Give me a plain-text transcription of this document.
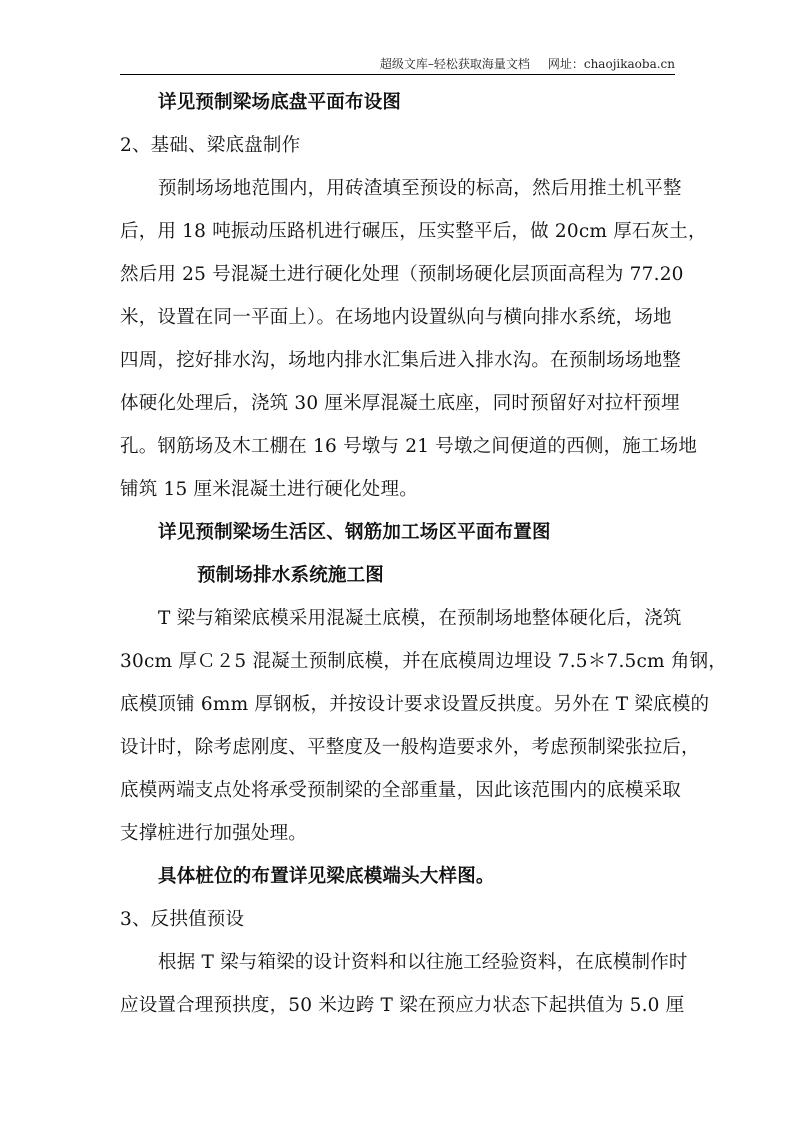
超级文库–轻松获取海量文档 网址：chaojikaoba.cn
详见预制梁场底盘平面布设图
2、基础、梁底盘制作
预制场场地范围内，用砖渣填至预设的标高，然后用推土机平整
后，用 18 吨振动压路机进行碾压，压实整平后，做 20cm 厚石灰土，
然后用 25 号混凝土进行硬化处理（预制场硬化层顶面高程为 77.20
米，设置在同一平面上）。在场地内设置纵向与横向排水系统，场地
四周，挖好排水沟，场地内排水汇集后进入排水沟。在预制场场地整
体硬化处理后，浇筑 30 厘米厚混凝土底座，同时预留好对拉杆预埋
孔。钢筋场及木工棚在 16 号墩与 21 号墩之间便道的西侧，施工场地
铺筑 15 厘米混凝土进行硬化处理。
详见预制梁场生活区、钢筋加工场区平面布置图
预制场排水系统施工图
T 梁与箱梁底模采用混凝土底模，在预制场地整体硬化后，浇筑
30cm 厚Ｃ２5 混凝土预制底模，并在底模周边埋设 7.5＊7.5cm 角钢，
底模顶铺 6mm 厚钢板，并按设计要求设置反拱度。另外在 T 梁底模的
设计时，除考虑刚度、平整度及一般构造要求外，考虑预制梁张拉后，
底模两端支点处将承受预制梁的全部重量，因此该范围内的底模采取
支撑桩进行加强处理。
具体桩位的布置详见梁底模端头大样图。
3、反拱值预设
根据 T 梁与箱梁的设计资料和以往施工经验资料，在底模制作时
应设置合理预拱度，50 米边跨 T 梁在预应力状态下起拱值为 5.0 厘
